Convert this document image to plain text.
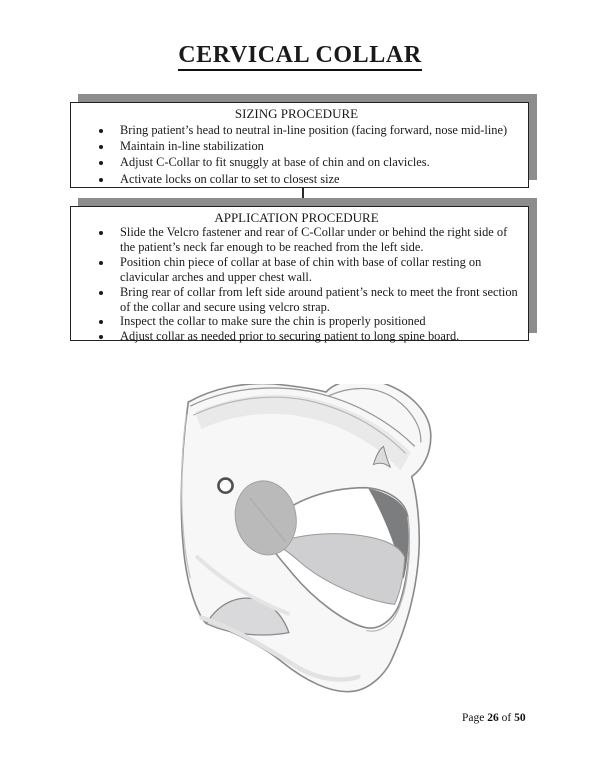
CERVICAL COLLAR
SIZING PROCEDURE
• Bring patient’s head to neutral in-line position (facing forward, nose mid-line)
• Maintain in-line stabilization
• Adjust C-Collar to fit snuggly at base of chin and on clavicles.
• Activate locks on collar to set to closest size
APPLICATION PROCEDURE
• Slide the Velcro fastener and rear of C-Collar under or behind the right side of the patient’s neck far enough to be reached from the left side.
• Position chin piece of collar at base of chin with base of collar resting on clavicular arches and upper chest wall.
• Bring rear of collar from left side around patient’s neck to meet the front section of the collar and secure using velcro strap.
• Inspect the collar to make sure the chin is properly positioned
• Adjust collar as needed prior to securing patient to long spine board.
Page 26 of 50
